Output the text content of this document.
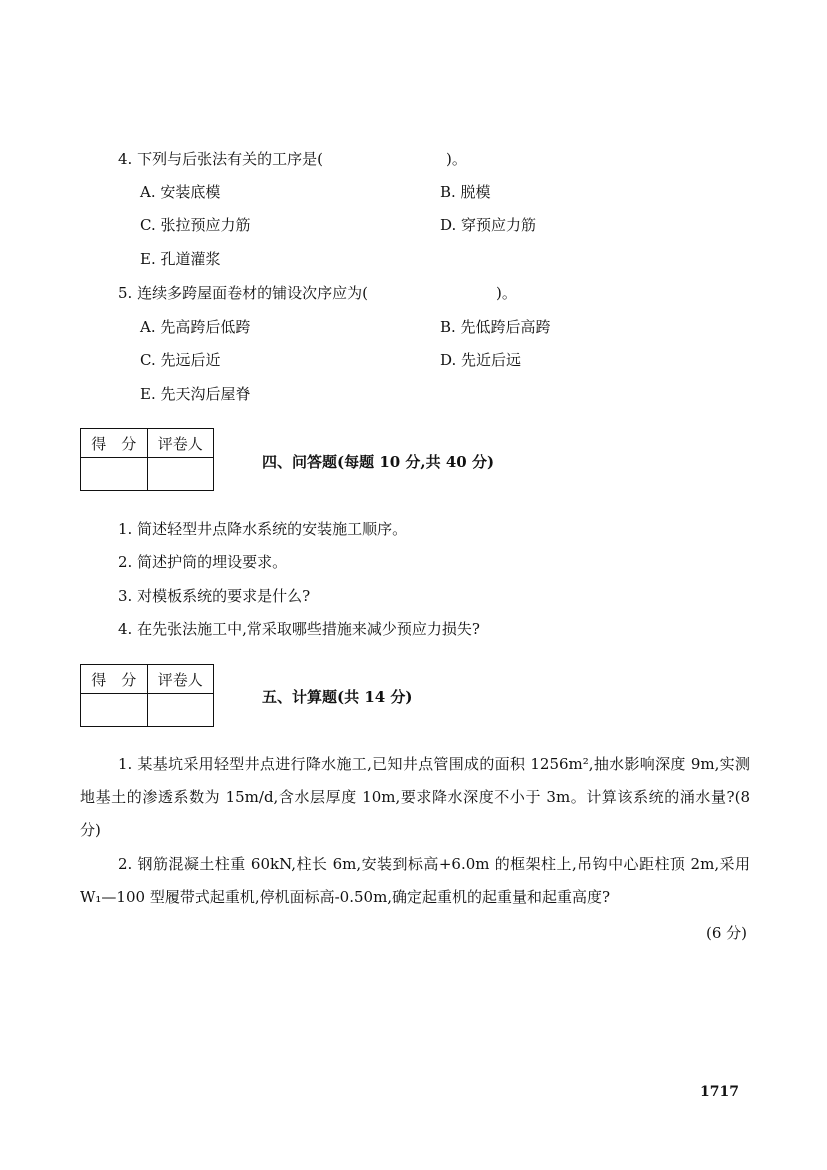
4. 下列与后张法有关的工序是(	)。
A. 安装底模	B. 脱模
C. 张拉预应力筋	D. 穿预应力筋
E. 孔道灌浆
5. 连续多跨屋面卷材的铺设次序应为(	)。
A. 先高跨后低跨	B. 先低跨后高跨
C. 先远后近	D. 先近后远
E. 先天沟后屋脊
得　分	评卷人

四、问答题(每题 10 分,共 40 分)
1. 简述轻型井点降水系统的安装施工顺序。
2. 简述护筒的埋设要求。
3. 对模板系统的要求是什么?
4. 在先张法施工中,常采取哪些措施来减少预应力损失?
得　分	评卷人

五、计算题(共 14 分)
1. 某基坑采用轻型井点进行降水施工,已知井点管围成的面积 1256m²,抽水影响深度 9m,实测地基土的渗透系数为 15m/d,含水层厚度 10m,要求降水深度不小于 3m。计算该系统的涌水量?(8 分)
2. 钢筋混凝土柱重 60kN,柱长 6m,安装到标高+6.0m 的框架柱上,吊钩中心距柱顶 2m,采用 W₁—100 型履带式起重机,停机面标高-0.50m,确定起重机的起重量和起重高度?
(6 分)
1717
